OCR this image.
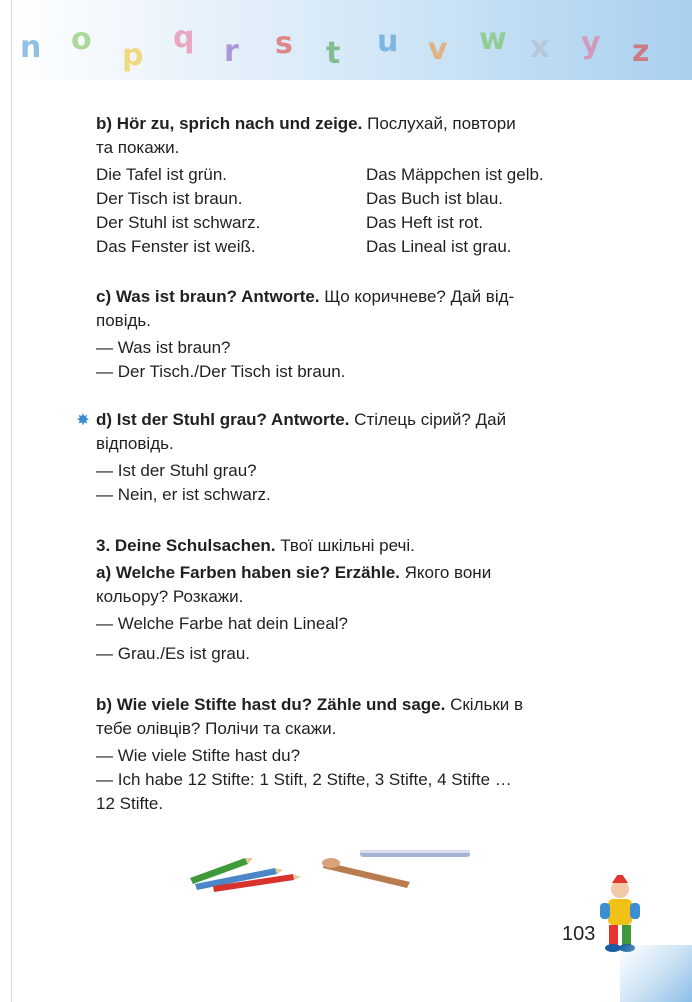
n o p
q r s t u v w x y z
✸
b) Hör zu, sprich nach und zeige. Послухай, повтори
та покажи.
Die Tafel ist grün.	Das Mäppchen ist gelb.
Der Tisch ist braun.	Das Buch ist blau.
Der Stuhl ist schwarz.	Das Heft ist rot.
Das Fenster ist weiß.	Das Lineal ist grau.
c) Was ist braun? Antworte. Що коричневе? Дай від-
повідь.
— Was ist braun?
— Der Tisch./Der Tisch ist braun.
d) Ist der Stuhl grau? Antworte. Стілець сірий? Дай
відповідь.
— Ist der Stuhl grau?
— Nein, er ist schwarz.
3. Deine Schulsachen. Твої шкільні речі.
a) Welche Farben haben sie? Erzähle. Якого вони
кольору? Розкажи.
— Welche Farbe hat dein Lineal?
— Grau./Es ist grau.
b) Wie viele Stifte hast du? Zähle und sage. Скільки в
тебе олівців? Полічи та скажи.
— Wie viele Stifte hast du?
— Ich habe 12 Stifte: 1 Stift, 2 Stifte, 3 Stifte, 4 Stifte …
12 Stifte.
103
